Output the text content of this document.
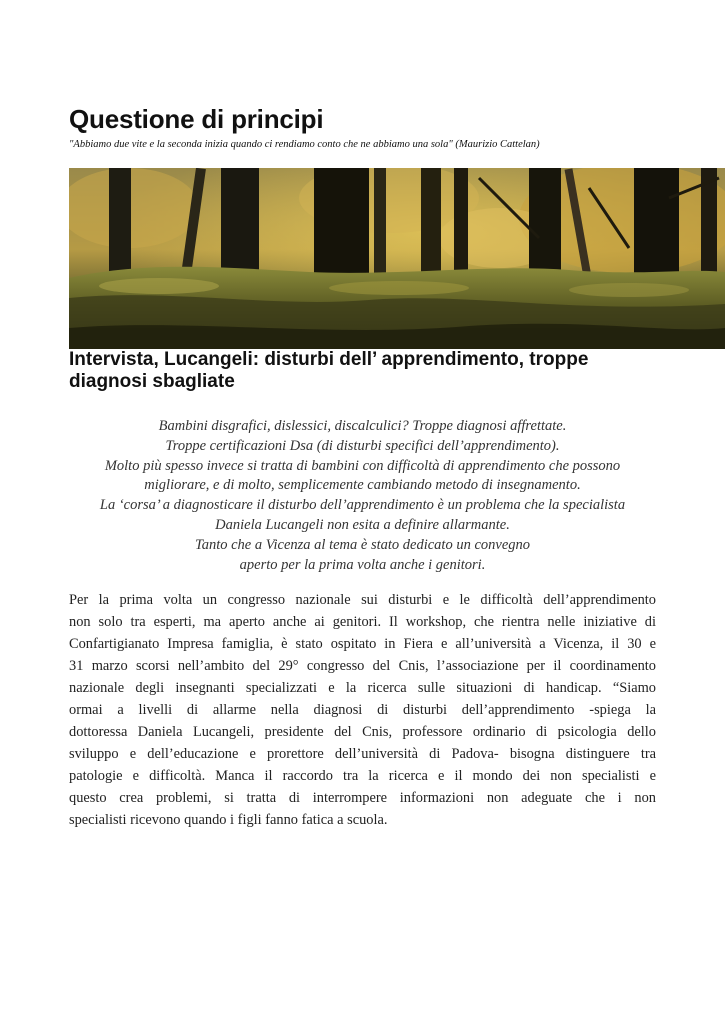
Questione di principi
"Abbiamo due vite e la seconda inizia quando ci rendiamo conto che ne abbiamo una sola" (Maurizio Cattelan)
Intervista, Lucangeli: disturbi dell’ apprendimento, troppe
diagnosi sbagliate
Bambini disgrafici, dislessici, discalculici? Troppe diagnosi affrettate.
Troppe certificazioni Dsa (di disturbi specifici dell’apprendimento).
Molto più spesso invece si tratta di bambini con difficoltà di apprendimento che possono
migliorare, e di molto, semplicemente cambiando metodo di insegnamento.
La ‘corsa’ a diagnosticare il disturbo dell’apprendimento è un problema che la specialista
Daniela Lucangeli non esita a definire allarmante.
Tanto che a Vicenza al tema è stato dedicato un convegno
aperto per la prima volta anche i genitori.
Per la prima volta un congresso nazionale sui disturbi e le difficoltà dell’apprendimento
non solo tra esperti, ma aperto anche ai genitori. Il workshop, che rientra nelle iniziative di
Confartigianato Impresa famiglia, è stato ospitato in Fiera e all’università a Vicenza, il 30 e
31 marzo scorsi nell’ambito del 29° congresso del Cnis, l’associazione per il coordinamento
nazionale degli insegnanti specializzati e la ricerca sulle situazioni di handicap. “Siamo
ormai a livelli di allarme nella diagnosi di disturbi dell’apprendimento -spiega la
dottoressa Daniela Lucangeli, presidente del Cnis, professore ordinario di psicologia dello
sviluppo e dell’educazione e prorettore dell’università di Padova- bisogna distinguere tra
patologie e difficoltà. Manca il raccordo tra la ricerca e il mondo dei non specialisti e
questo crea problemi, si tratta di interrompere informazioni non adeguate che i non
specialisti ricevono quando i figli fanno fatica a scuola.
